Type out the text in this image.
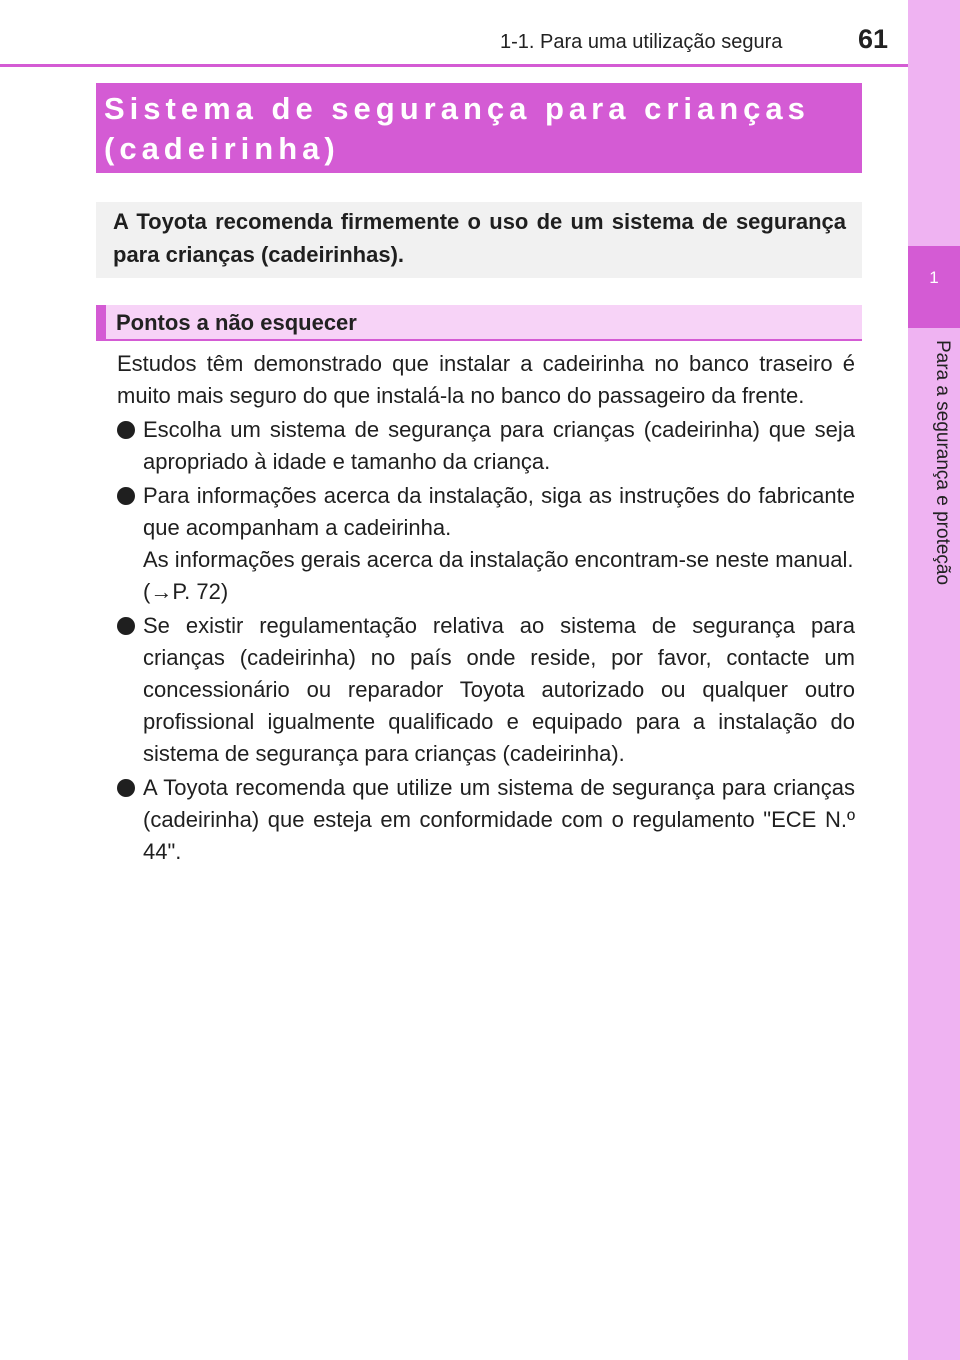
1-1. Para uma utilização segura	61
1
Para a segurança e proteção

Sistema de segurança para crianças

(cadeirinha)

A Toyota recomenda firmemente o uso de um sistema de segurança para crianças (cadeirinhas).

Pontos a não esquecer

Estudos têm demonstrado que instalar a cadeirinha no banco traseiro é muito mais seguro do que instalá-la no banco do passageiro da frente.

Escolha um sistema de segurança para crianças (cadeirinha) que seja apropriado à idade e tamanho da criança.
Para informações acerca da instalação, siga as instruções do fabricante que acompanham a cadeirinha.
As informações gerais acerca da instalação encontram-se neste manual.
(→P. 72)
Se existir regulamentação relativa ao sistema de segurança para crianças (cadeirinha) no país onde reside, por favor, contacte um concessionário ou reparador Toyota autorizado ou qualquer outro profissional igualmente qualificado e equipado para a instalação do sistema de segurança para crianças (cadeirinha).
A Toyota recomenda que utilize um sistema de segurança para crianças (cadeirinha) que esteja em conformidade com o regulamento "ECE N.º 44".
